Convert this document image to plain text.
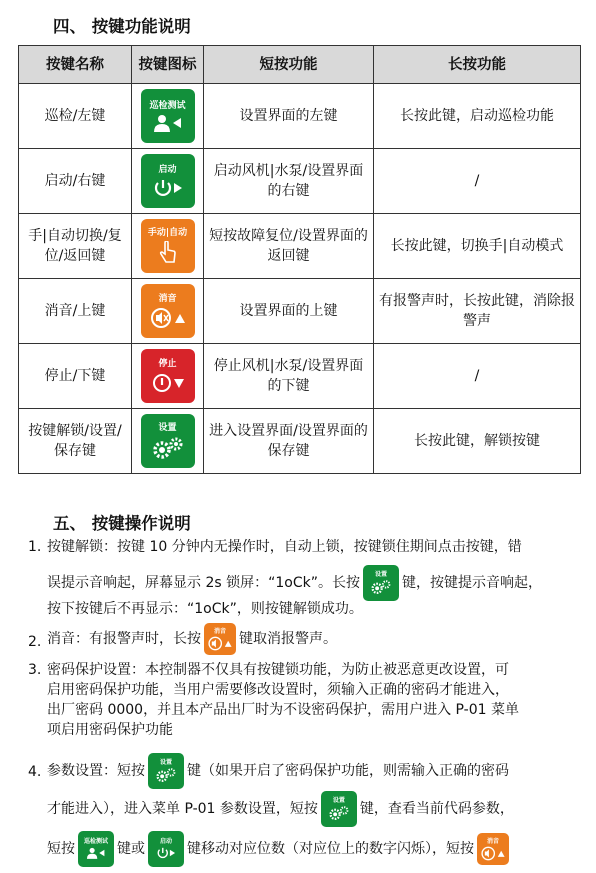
四、 按键功能说明
按键名称	按键图标	短按功能	长按功能
巡检/左键	巡检测试	设置界面的左键	长按此键，启动巡检功能
启动/右键	启动	启动风机|水泵/设置界面的右键	/
手|自动切换/复位/返回键	手动|自动	短按故障复位/设置界面的返回键	长按此键，切换手|自动模式
消音/上键	消音	设置界面的上键	有报警声时，长按此键，消除报警声
停止/下键	停止	停止风机|水泵/设置界面的下键	/
按键解锁/设置/保存键	设置	进入设置界面/设置界面的保存键	长按此键，解锁按键
五、 按键操作说明
1. 按键解锁：按键 10 分钟内无操作时，自动上锁，按键锁住期间点击按键，错
误提示音响起，屏幕显示 2s 锁屏：“1oCk”。长按
设置
键，按键提示音响起，
按下按键后不再显示：“1oCk”，则按键解锁成功。
2. 消音：有报警声时，长按 消音 键取消报警声。
3. 密码保护设置：本控制器不仅具有按键锁功能，为防止被恶意更改设置，可
启用密码保护功能，当用户需要修改设置时，须输入正确的密码才能进入，
出厂密码 0000，并且本产品出厂时为不设密码保护，需用户进入 P-01 菜单
项启用密码保护功能
4. 参数设置：短按
设置
键（如果开启了密码保护功能，则需输入正确的密码
才能进入），进入菜单 P-01 参数设置，短按
设置
键，查看当前代码参数，
短按 巡检测试 键或 启动 键移动对应位数（对应位上的数字闪烁），短按 消音
